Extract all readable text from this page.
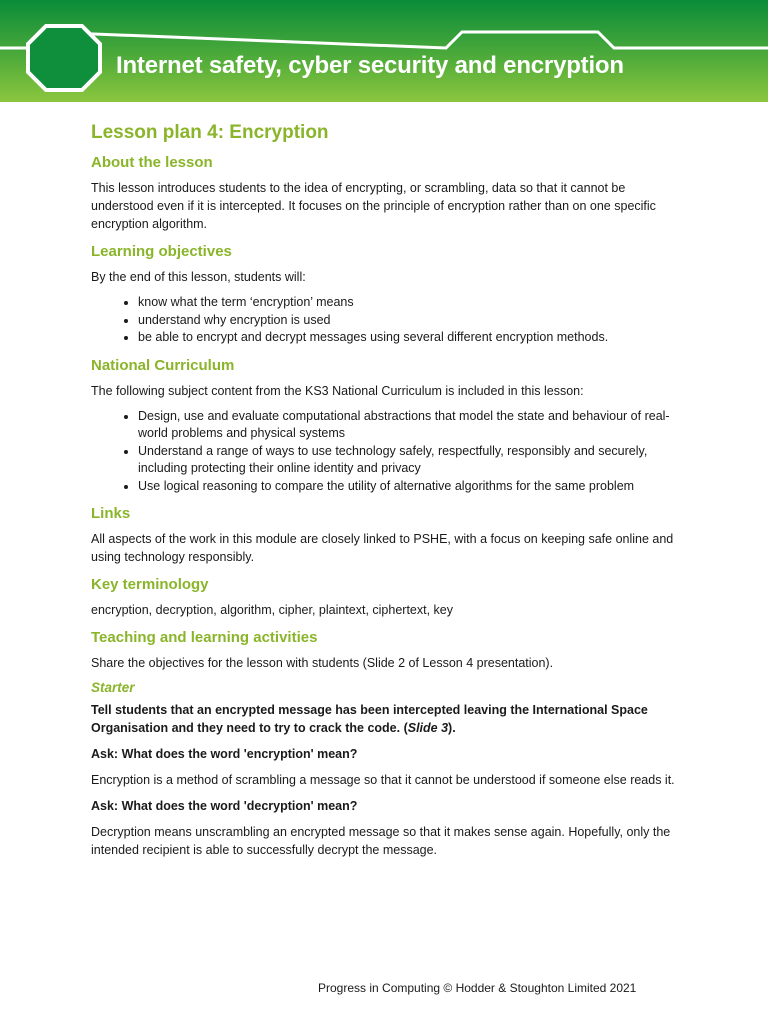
Internet safety, cyber security and encryption
Lesson plan 4: Encryption
About the lesson

This lesson introduces students to the idea of encrypting, or scrambling, data so that it cannot be understood even if it is intercepted. It focuses on the principle of encryption rather than on one specific encryption algorithm.

Learning objectives

By the end of this lesson, students will:

• know what the term ‘encryption’ means
• understand why encryption is used
• be able to encrypt and decrypt messages using several different encryption methods.
National Curriculum

The following subject content from the KS3 National Curriculum is included in this lesson:

• Design, use and evaluate computational abstractions that model the state and behaviour of real-world problems and physical systems
• Understand a range of ways to use technology safely, respectfully, responsibly and securely, including protecting their online identity and privacy
• Use logical reasoning to compare the utility of alternative algorithms for the same problem
Links

All aspects of the work in this module are closely linked to PSHE, with a focus on keeping safe online and using technology responsibly.

Key terminology

encryption, decryption, algorithm, cipher, plaintext, ciphertext, key

Teaching and learning activities

Share the objectives for the lesson with students (Slide 2 of Lesson 4 presentation).

Starter

Tell students that an encrypted message has been intercepted leaving the International Space Organisation and they need to try to crack the code. (Slide 3).

Ask: What does the word 'encryption' mean?

Encryption is a method of scrambling a message so that it cannot be understood if someone else reads it.

Ask: What does the word 'decryption' mean?

Decryption means unscrambling an encrypted message so that it makes sense again. Hopefully, only the intended recipient is able to successfully decrypt the message.

Progress in Computing © Hodder & Stoughton Limited 2021
